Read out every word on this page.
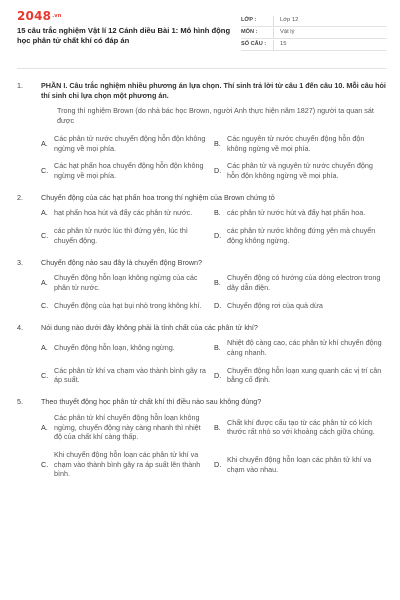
$2048^{.vn}$
15 câu trắc nghiệm Vật lí 12 Cánh diều Bài 1: Mô hình động học phân tử chất khí có đáp án
LỚP :	Lớp 12
MÔN :	Vật lý
SỐ CÂU :	15
1.	PHẦN I. Câu trắc nghiệm nhiều phương án lựa chọn. Thí sinh trả lời từ câu 1 đến câu 10. Mỗi câu hỏi thí sinh chỉ lựa chọn một phương án.
Trong thí nghiệm Brown (do nhà bác học Brown, người Anh thực hiện năm 1827) người ta quan sát được
A.
Các phân tử nước chuyển động hỗn độn không ngừng về mọi phía.
B.
Các nguyên tử nước chuyển động hỗn độn không ngừng về mọi phía.
C.
Các hạt phấn hoa chuyển động hỗn độn không ngừng về mọi phía.
D.
Các phân tử và nguyên tử nước chuyển động hỗn độn không ngừng về mọi phía.
2.	Chuyển động của các hạt phấn hoa trong thí nghiệm của Brown chứng tỏ
A. hạt phấn hoa hút và đẩy các phân tử nước.	B. các phân tử nước hút và đẩy hạt phấn hoa.
C.
các phân tử nước lúc thì đứng yên, lúc thì chuyển động.
D.
các phân tử nước không đứng yên mà chuyển động không ngừng.
3.	Chuyển động nào sau đây là chuyển động Brown?
A.
Chuyển động hỗn loạn không ngừng của các phân tử nước.
B.
Chuyển động có hướng của dòng electron trong dây dẫn điện.
C. Chuyển động của hạt bụi nhỏ trong không khí.	D. Chuyển động rơi của quả dừa
4.	Nói dung nào dưới đây không phải là tính chất của các phân tử khí?
A. Chuyển động hỗn loạn, không ngừng.	B.
Nhiệt độ càng cao, các phân tử khí chuyển động càng nhanh.
C.
Các phân tử khí va chạm vào thành bình gây ra áp suất.
D.
Chuyển động hỗn loạn xung quanh các vị trí cân bằng cố định.
5.	Theo thuyết động học phân tử chất khí thì điều nào sau không đúng?
A.
Các phân tử khí chuyển động hỗn loạn không ngừng, chuyển động này càng nhanh thì nhiệt độ của chất khí càng thấp.
B.
Chất khí được cấu tạo từ các phân tử có kích thước rất nhỏ so với khoảng cách giữa chúng.
C.
Khi chuyển động hỗn loạn các phân tử khí va chạm vào thành bình gây ra áp suất lên thành bình.
D.
Khi chuyển động hỗn loạn các phân tử khí va chạm vào nhau.
